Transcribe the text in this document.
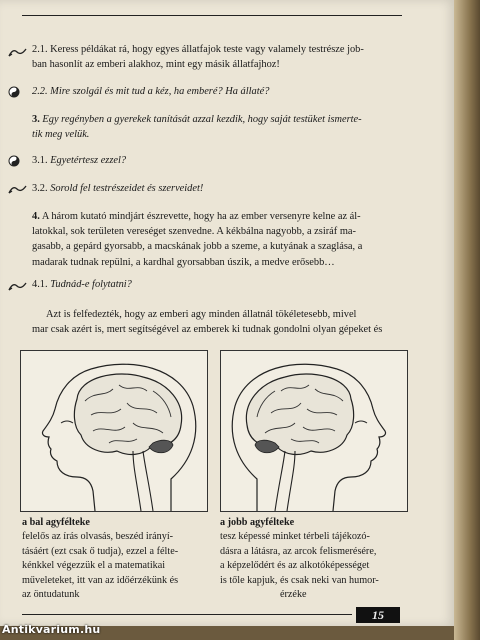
2.1. Keress példákat rá, hogy egyes állatfajok teste vagy valamely testrésze job-

ban hasonlít az emberi alakhoz, mint egy másik állatfajhoz!

2.2. Mire szolgál és mit tud a kéz, ha emberé? Ha állaté?

3. Egy regényben a gyerekek tanítását azzal kezdik, hogy saját testüket ismerte-

tik meg velük.

3.1. Egyetértesz ezzel?

3.2. Sorold fel testrészeidet és szerveidet!

4. A három kutató mindjárt észrevette, hogy ha az ember versenyre kelne az ál-

latokkal, sok területen vereséget szenvedne. A kékbálna nagyobb, a zsiráf ma-

gasabb, a gepárd gyorsabb, a macskának jobb a szeme, a kutyának a szaglása, a

madarak tudnak repülni, a kardhal gyorsabban úszik, a medve erősebb…

4.1. Tudnád-e folytatni?

Azt is felfedezték, hogy az emberi agy minden állatnál tökéletesebb, mivel

mar csak azért is, mert segítségével az emberek ki tudnak gondolni olyan gépeket és

a bal agyfélteke
felelős az írás olvasás, beszéd irányí-
tásáért (ezt csak ő tudja), ezzel a félte-
kénkkel végezzük el a matematikai
műveleteket, itt van az időérzékünk és
az öntudatunk
a jobb agyfélteke
tesz képessé minket térbeli tájékozó-
dásra a látásra, az arcok felismerésére,
a képzelődért és az alkotóképességet
is tőle kapjuk, és csak neki van humor-
érzéke
15
Antikvarium.hu
